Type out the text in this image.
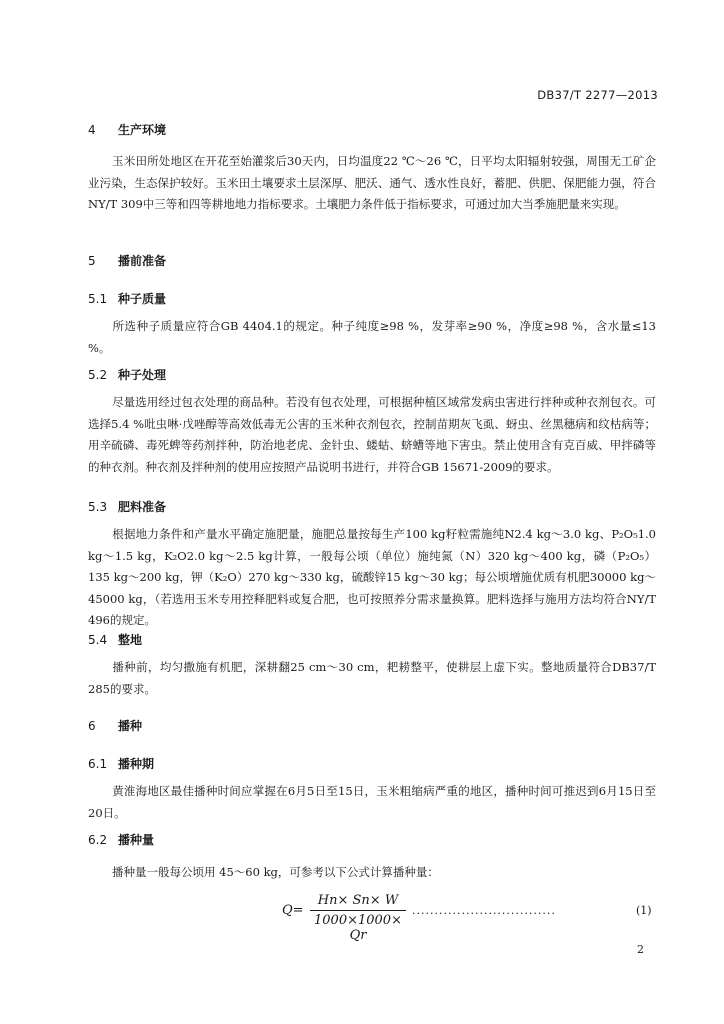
DB37/T 2277—2013
4 生产环境
玉米田所处地区在开花至始灌浆后30天内，日均温度22 ℃～26 ℃，日平均太阳辐射较强，周围无工矿企业污染，生态保护较好。玉米田土壤要求土层深厚、肥沃、通气、透水性良好，蓄肥、供肥、保肥能力强，符合NY/T 309中三等和四等耕地地力指标要求。土壤肥力条件低于指标要求，可通过加大当季施肥量来实现。
5 播前准备
5.1 种子质量
所选种子质量应符合GB 4404.1的规定。种子纯度≥98 %，发芽率≥90 %，净度≥98 %，含水量≤13 %。
5.2 种子处理
尽量选用经过包衣处理的商品种。若没有包衣处理，可根据种植区域常发病虫害进行拌种或种衣剂包衣。可选择5.4 %吡虫啉·戊唑醇等高效低毒无公害的玉米种衣剂包衣，控制苗期灰飞虱、蚜虫、丝黑穗病和纹枯病等；用辛硫磷、毒死蜱等药剂拌种，防治地老虎、金针虫、蝼蛄、蛴螬等地下害虫。禁止使用含有克百威、甲拌磷等的种衣剂。种衣剂及拌种剂的使用应按照产品说明书进行，并符合GB 15671-2009的要求。
5.3 肥料准备
根据地力条件和产量水平确定施肥量，施肥总量按每生产100 kg籽粒需施纯N2.4 kg～3.0 kg、P₂O₅1.0 kg～1.5 kg，K₂O2.0 kg～2.5 kg计算，一般每公顷（单位）施纯氮（N）320 kg～400 kg，磷（P₂O₅）135 kg～200 kg，钾（K₂O）270 kg～330 kg，硫酸锌15 kg～30 kg；每公顷增施优质有机肥30000 kg～45000 kg，（若选用玉米专用控释肥料或复合肥，也可按照养分需求量换算。肥料选择与施用方法均符合NY/T 496的规定。
5.4 整地
播种前，均匀撒施有机肥，深耕翻25 cm～30 cm，耙耢整平，使耕层上虚下实。整地质量符合DB37/T 285的要求。
6 播种
6.1 播种期
黄淮海地区最佳播种时间应掌握在6月5日至15日，玉米粗缩病严重的地区，播种时间可推迟到6月15日至20日。
6.2 播种量
播种量一般每公顷用 45～60 kg，可参考以下公式计算播种量：
Q=
Hn× Sn× W
1000×1000× Qr
................................	(1)
2
